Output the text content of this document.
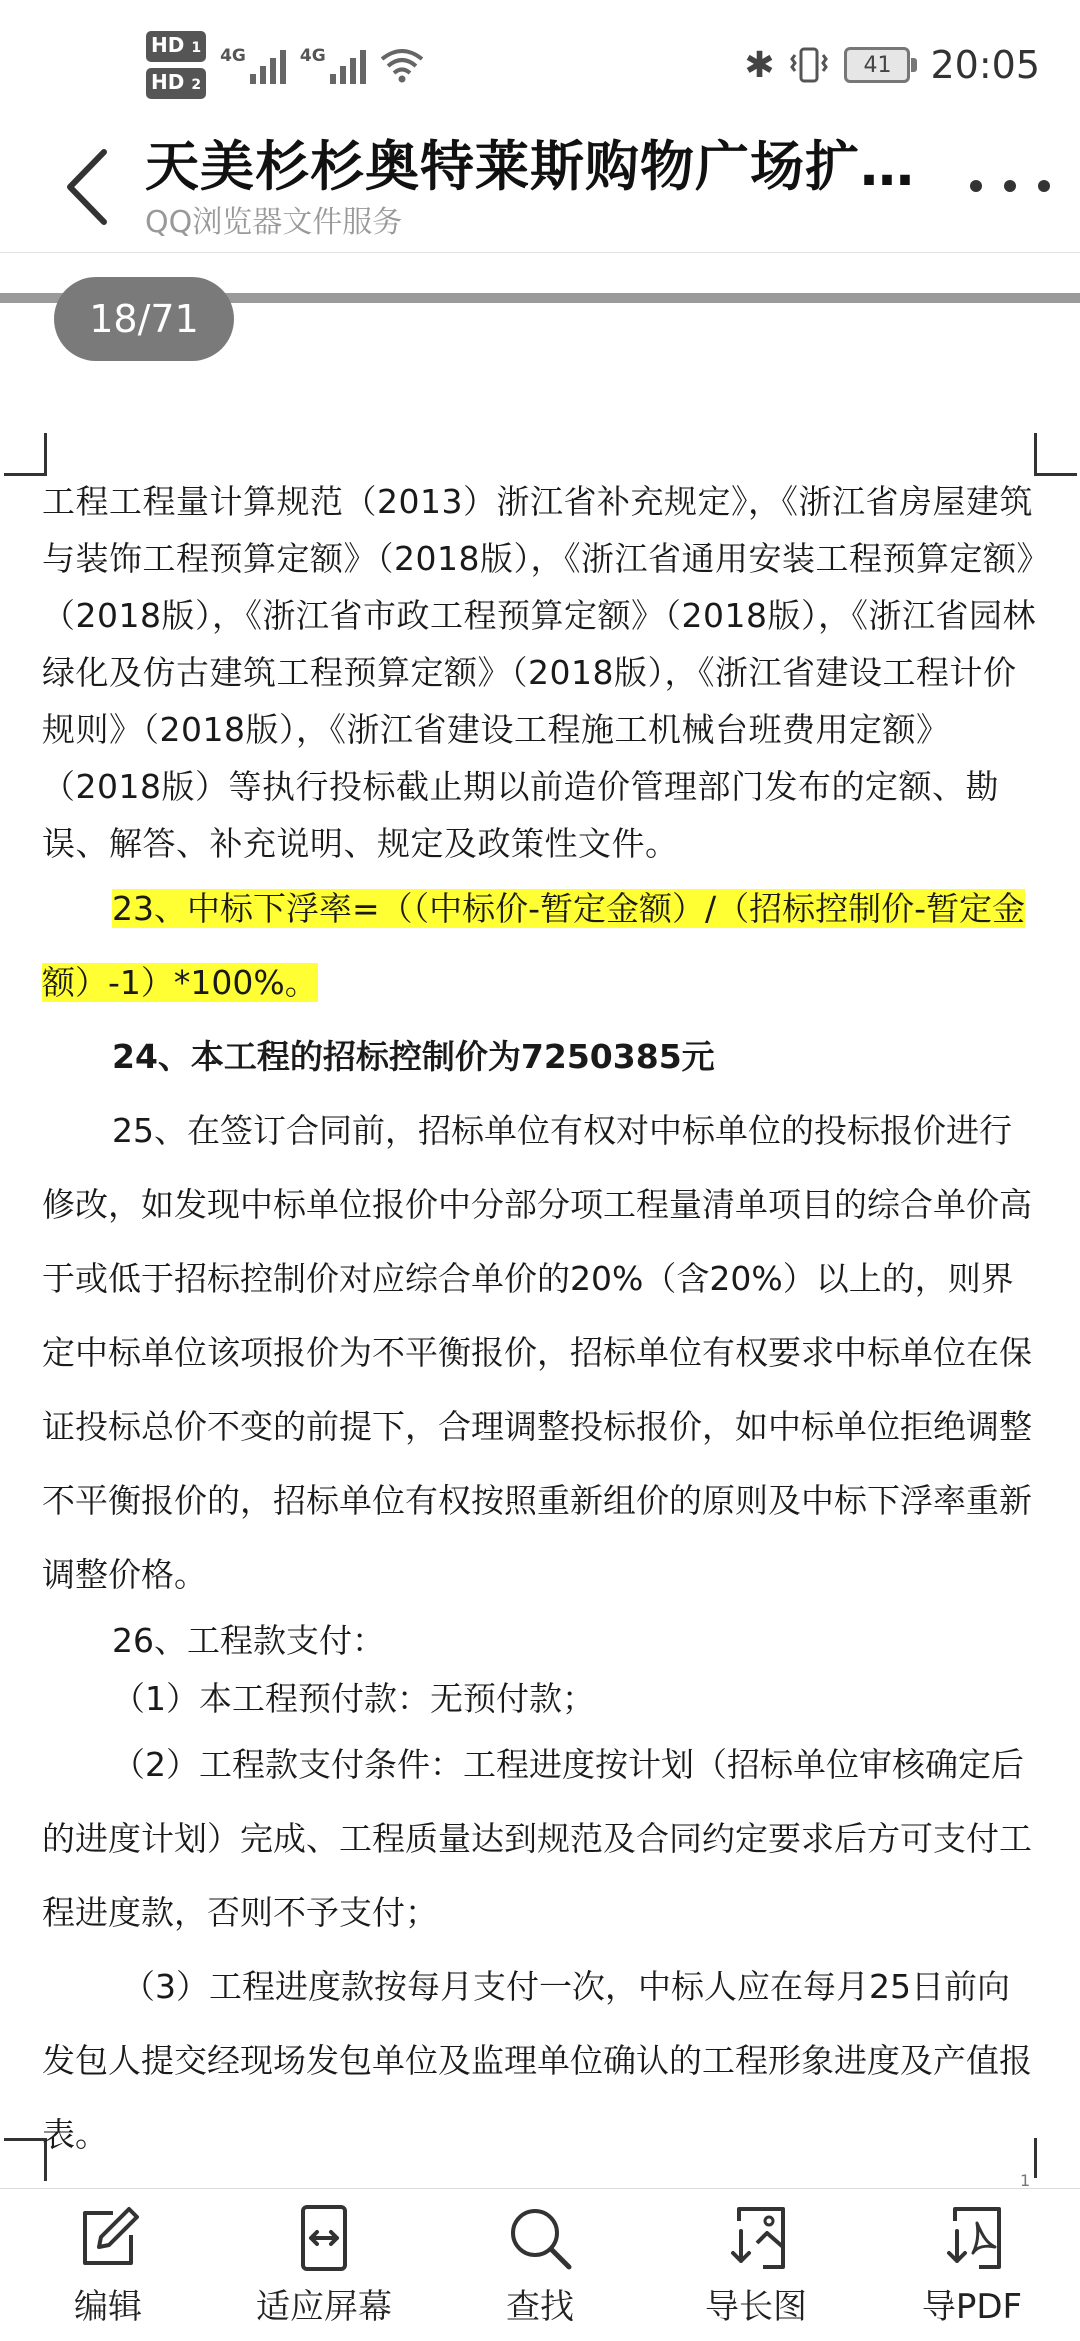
HD 1
HD 2
4G	4G	✱	41 20:05
天美杉杉奥特莱斯购物广场扩…
QQ浏览器文件服务
18/71
1

工程工程量计算规范（2013）浙江省补充规定》，《浙江省房屋建筑与装饰工程预算定额》（2018版），《浙江省通用安装工程预算定额》（2018版），《浙江省市政工程预算定额》（2018版），《浙江省园林绿化及仿古建筑工程预算定额》（2018版），《浙江省建设工程计价规则》（2018版），《浙江省建设工程施工机械台班费用定额》（2018版）等执行投标截止期以前造价管理部门发布的定额、勘误、解答、补充说明、规定及政策性文件。

23、中标下浮率=（（中标价-暂定金额）/（招标控制价-暂定金额）-1）*100%。

24、本工程的招标控制价为7250385元

25、在签订合同前，招标单位有权对中标单位的投标报价进行修改，如发现中标单位报价中分部分项工程量清单项目的综合单价高于或低于招标控制价对应综合单价的20%（含20%）以上的，则界定中标单位该项报价为不平衡报价，招标单位有权要求中标单位在保证投标总价不变的前提下，合理调整投标报价，如中标单位拒绝调整不平衡报价的，招标单位有权按照重新组价的原则及中标下浮率重新调整价格。

26、工程款支付：

（1）本工程预付款：无预付款；

（2）工程款支付条件：工程进度按计划（招标单位审核确定后的进度计划）完成、工程质量达到规范及合同约定要求后方可支付工程进度款，否则不予支付；

（3）工程进度款按每月支付一次，中标人应在每月25日前向发包人提交经现场发包单位及监理单位确认的工程形象进度及产值报表。

编辑	适应屏幕	查找	导长图	导PDF
